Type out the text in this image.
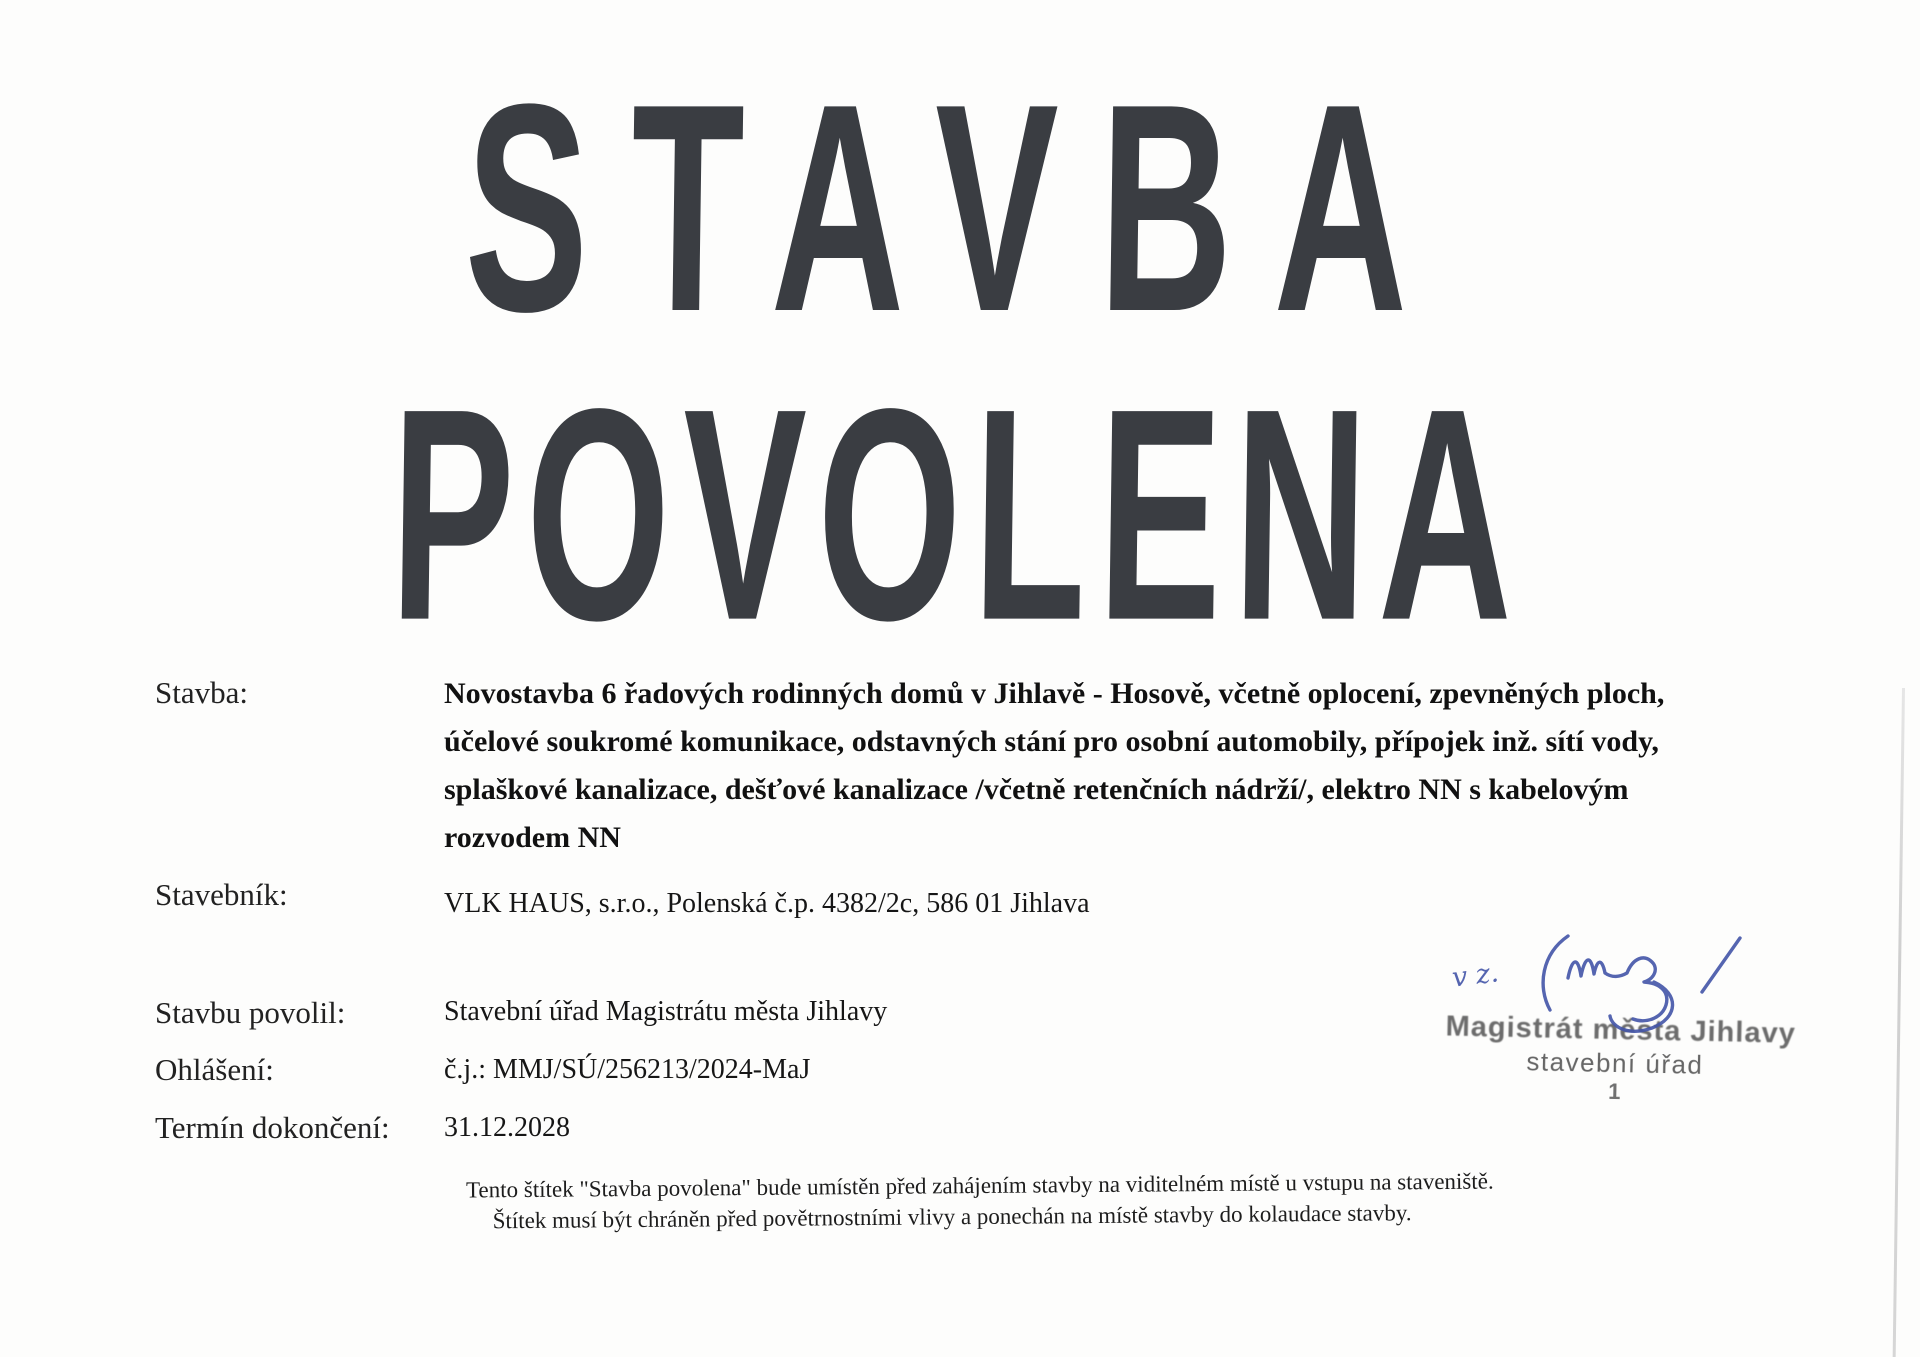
STAVBA
POVOLENA
Stavba:
Stavebník:
Stavbu povolil:
Ohlášení:
Termín dokončení:
Novostavba 6 řadových rodinných domů v Jihlavě - Hosově, včetně oplocení, zpevněných ploch,
účelové soukromé komunikace, odstavných stání pro osobní automobily, přípojek inž. sítí vody,
splaškové kanalizace, dešťové kanalizace /včetně retenčních nádrží/, elektro NN s kabelovým
rozvodem NN
VLK HAUS, s.r.o., Polenská č.p. 4382/2c, 586 01 Jihlava
Stavební úřad Magistrátu města Jihlavy
č.j.: MMJ/SÚ/256213/2024-MaJ
31.12.2028
Magistrát města Jihlavy
stavební úřad
1
v z.
Tento štítek "Stavba povolena" bude umístěn před zahájením stavby na viditelném místě u vstupu na staveniště.
Štítek musí být chráněn před povětrnostními vlivy a ponechán na místě stavby do kolaudace stavby.
